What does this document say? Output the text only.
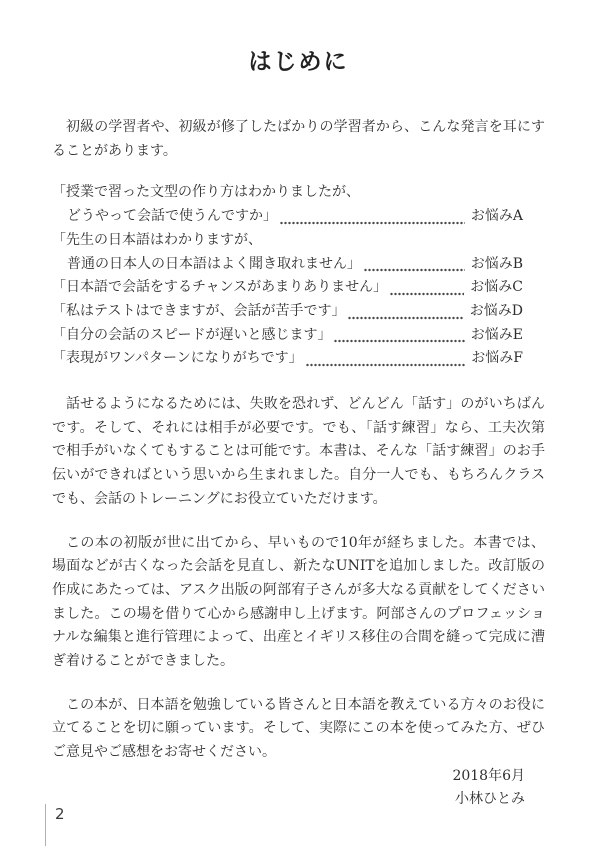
はじめに

初級の学習者や、初級が修了したばかりの学習者から、こんな発言を耳にすることがあります。

「授業で習った文型の作り方はわかりましたが、
どうやって会話で使うんですか」	お悩みA
「先生の日本語はわかりますが、
普通の日本人の日本語はよく聞き取れません」	お悩みB
「日本語で会話をするチャンスがあまりありません」	お悩みC
「私はテストはできますが、会話が苦手です」	お悩みD
「自分の会話のスピードが遅いと感じます」	お悩みE
「表現がワンパターンになりがちです」	お悩みF

話せるようになるためには、失敗を恐れず、どんどん「話す」のがいちばんです。そして、それには相手が必要です。でも、「話す練習」なら、工夫次第で相手がいなくてもすることは可能です。本書は、そんな「話す練習」のお手伝いができればという思いから生まれました。自分一人でも、もちろんクラスでも、会話のトレーニングにお役立ていただけます。

この本の初版が世に出てから、早いもので10年が経ちました。本書では、場面などが古くなった会話を見直し、新たなUNITを追加しました。改訂版の作成にあたっては、アスク出版の阿部宥子さんが多大なる貢献をしてくださいました。この場を借りて心から感謝申し上げます。阿部さんのプロフェッショナルな編集と進行管理によって、出産とイギリス移住の合間を縫って完成に漕ぎ着けることができました。

この本が、日本語を勉強している皆さんと日本語を教えている方々のお役に立てることを切に願っています。そして、実際にこの本を使ってみた方、ぜひご意見やご感想をお寄せください。

2018年6月
小林ひとみ
2
